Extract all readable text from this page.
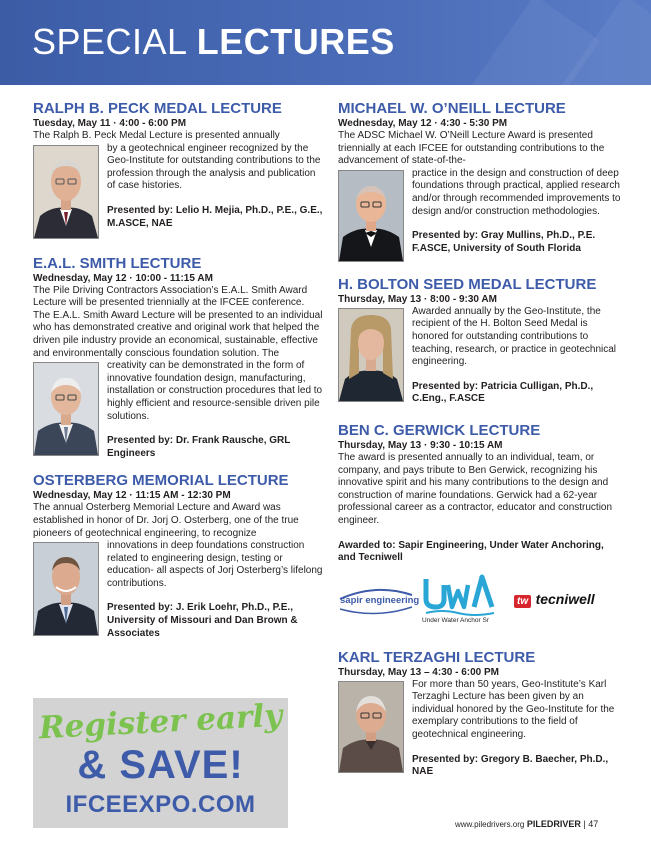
SPECIAL LECTURES

RALPH B. PECK MEDAL LECTURE

Tuesday, May 11 · 4:00 - 6:00 PM

The Ralph B. Peck Medal Lecture is presented annually

by a geotechnical engineer recognized by the Geo-Institute for outstanding contributions to the profession through the analysis and publication of case histories.

Presented by: Lelio H. Mejia, Ph.D., P.E., G.E., M.ASCE, NAE

E.A.L. SMITH LECTURE

Wednesday, May 12 · 10:00 - 11:15 AM

The Pile Driving Contractors Association’s E.A.L. Smith Award Lecture will be presented triennially at the IFCEE conference. The E.A.L. Smith Award Lecture will be presented to an individual who has demonstrated creative and original work that helped the driven pile industry provide an economical, sustainable, effective and environmentally conscious foundation solution. The

creativity can be demonstrated in the form of innovative foundation design, manufacturing, installation or construction procedures that led to highly efficient and resource-sensible driven pile solutions.

Presented by: Dr. Frank Rausche, GRL Engineers

OSTERBERG MEMORIAL LECTURE

Wednesday, May 12 · 11:15 AM - 12:30 PM

The annual Osterberg Memorial Lecture and Award was established in honor of Dr. Jorj O. Osterberg, one of the true pioneers of geotechnical engineering, to recognize

innovations in deep foundations construction related to engineering design, testing or education- all aspects of Jorj Osterberg’s lifelong contributions.

Presented by: J. Erik Loehr, Ph.D., P.E., University of Missouri and Dan Brown & Associates

Register early
& SAVE!
IFCEEXPO.COM

MICHAEL W. O’NEILL LECTURE

Wednesday, May 12 · 4:30 - 5:30 PM

The ADSC Michael W. O’Neill Lecture Award is presented triennially at each IFCEE for outstanding contributions to the advancement of state-of-the-

practice in the design and construction of deep foundations through practical, applied research and/or through recommended improvements to design and/or construction methodologies.

Presented by: Gray Mullins, Ph.D., P.E. F.ASCE, University of South Florida

H. BOLTON SEED MEDAL LECTURE

Thursday, May 13 · 8:00 - 9:30 AM

Awarded annually by the Geo-Institute, the recipient of the H. Bolton Seed Medal is honored for outstanding contributions to teaching, research, or practice in geotechnical engineering.

Presented by: Patricia Culligan, Ph.D., C.Eng., F.ASCE

BEN C. GERWICK LECTURE

Thursday, May 13 · 9:30 - 10:15 AM

The award is presented annually to an individual, team, or company, and pays tribute to Ben Gerwick, recognizing his innovative spirit and his many contributions to the design and construction of marine foundations. Gerwick had a 62-year professional career as a contractor, educator and construction engineer.

Awarded to: Sapir Engineering, Under Water Anchoring, and Tecniwell

sapir engineering
Under Water Anchor Sr
tw tecniwell

KARL TERZAGHI LECTURE

Thursday, May 13 – 4:30 - 6:00 PM

For more than 50 years, Geo-Institute’s Karl Terzaghi Lecture has been given by an individual honored by the Geo-Institute for the exemplary contributions to the field of geotechnical engineering.

Presented by: Gregory B. Baecher, Ph.D., NAE

www.piledrivers.org PILEDRIVER | 47
